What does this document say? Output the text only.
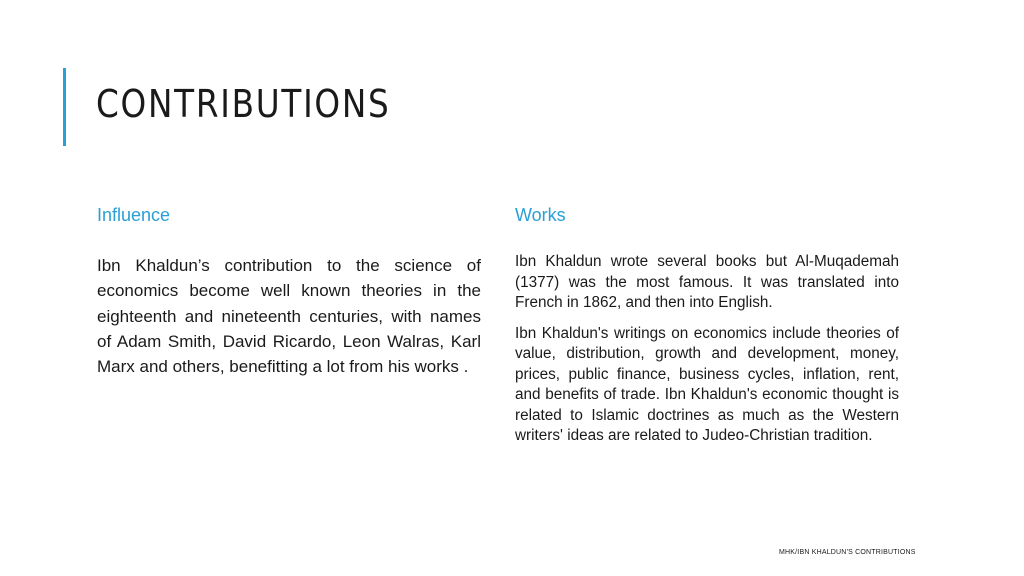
CONTRIBUTIONS
Influence

Ibn Khaldun’s contribution to the science of economics become well known theories in the eighteenth and nineteenth centuries, with names of Adam Smith, David Ricardo, Leon Walras, Karl Marx and others, benefitting a lot from his works .

Works

Ibn Khaldun wrote several books but Al-Muqademah (1377) was the most famous. It was translated into French in 1862, and then into English.

Ibn Khaldun's writings on economics include theories of value, distribution, growth and development, money, prices, public finance, business cycles, inflation, rent, and benefits of trade. Ibn Khaldun's economic thought is related to Islamic doctrines as much as the Western writers' ideas are related to Judeo-Christian tradition.

MHK/IBN KHALDUN'S CONTRIBUTIONS
